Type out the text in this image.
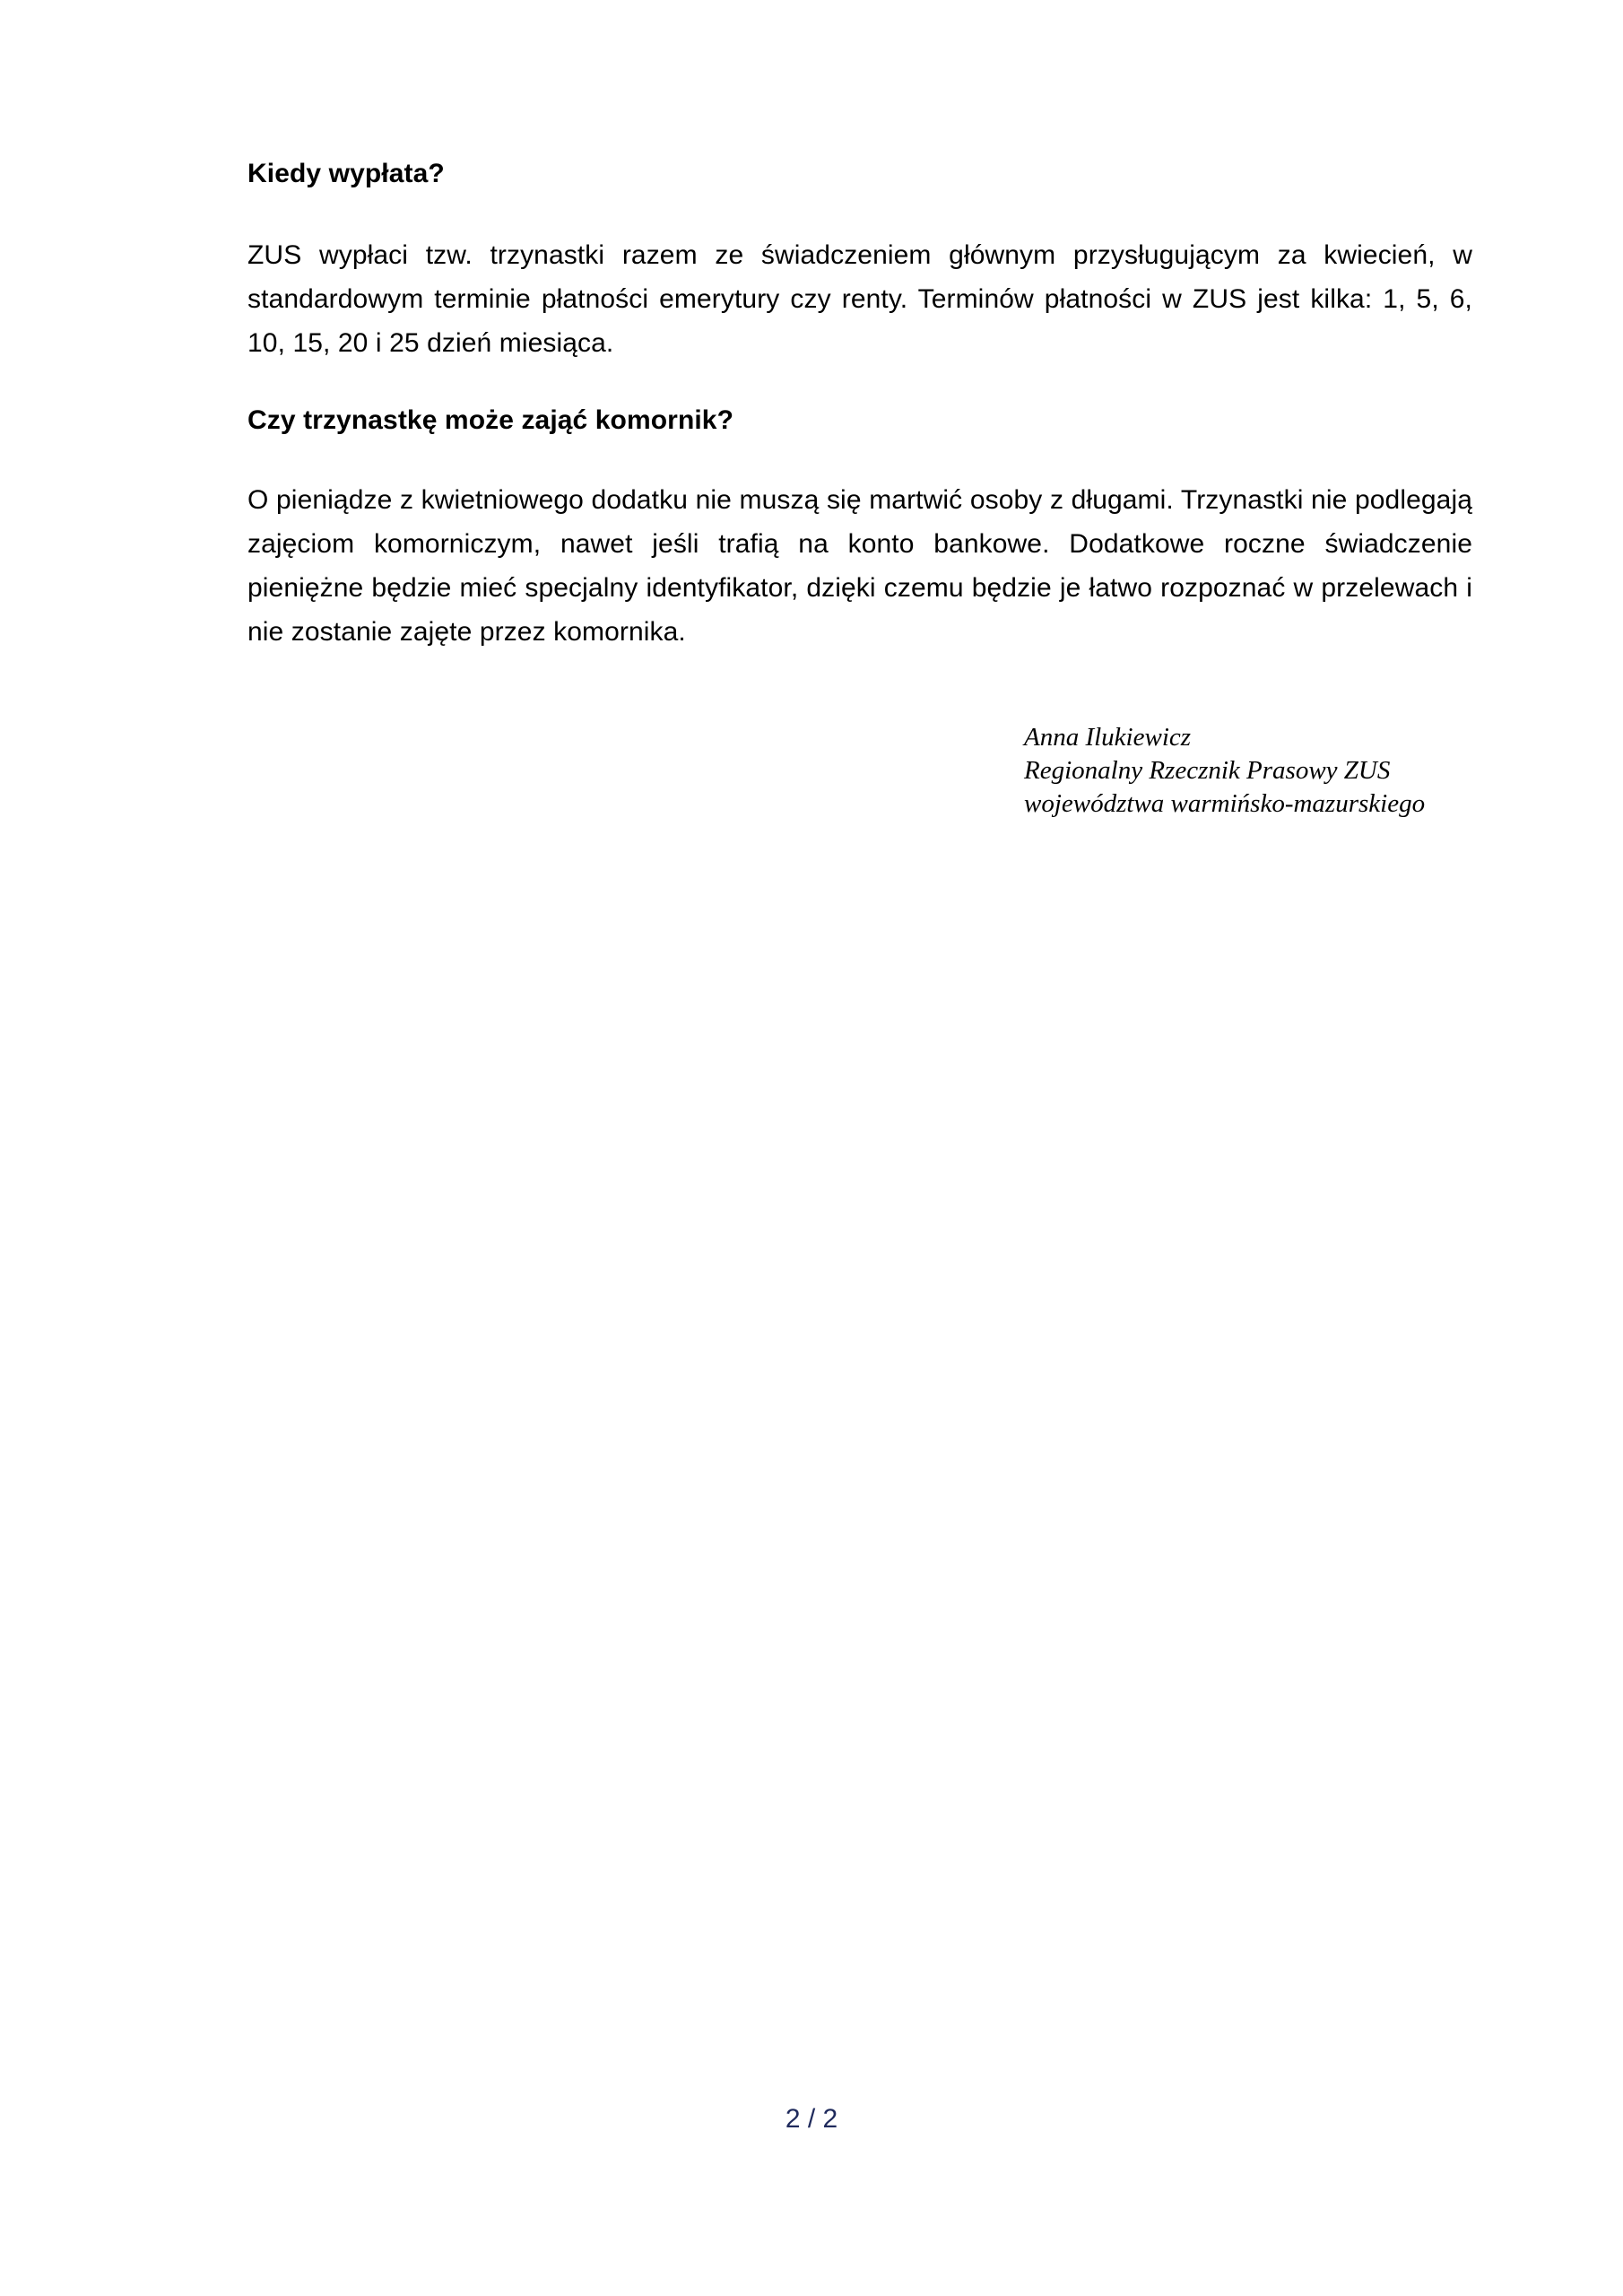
Kiedy wypłata?

ZUS wypłaci tzw. trzynastki razem ze świadczeniem głównym przysługującym za kwiecień, w standardowym terminie płatności emerytury czy renty. Terminów płatności w ZUS jest kilka: 1, 5, 6, 10, 15, 20 i 25 dzień miesiąca.

Czy trzynastkę może zająć komornik?

O pieniądze z kwietniowego dodatku nie muszą się martwić osoby z długami. Trzynastki nie podlegają zajęciom komorniczym, nawet jeśli trafią na konto bankowe. Dodatkowe roczne świadczenie pieniężne będzie mieć specjalny identyfikator, dzięki czemu będzie je łatwo rozpoznać w przelewach i nie zostanie zajęte przez komornika.

Anna Ilukiewicz
Regionalny Rzecznik Prasowy ZUS
województwa warmińsko-mazurskiego
2 / 2
